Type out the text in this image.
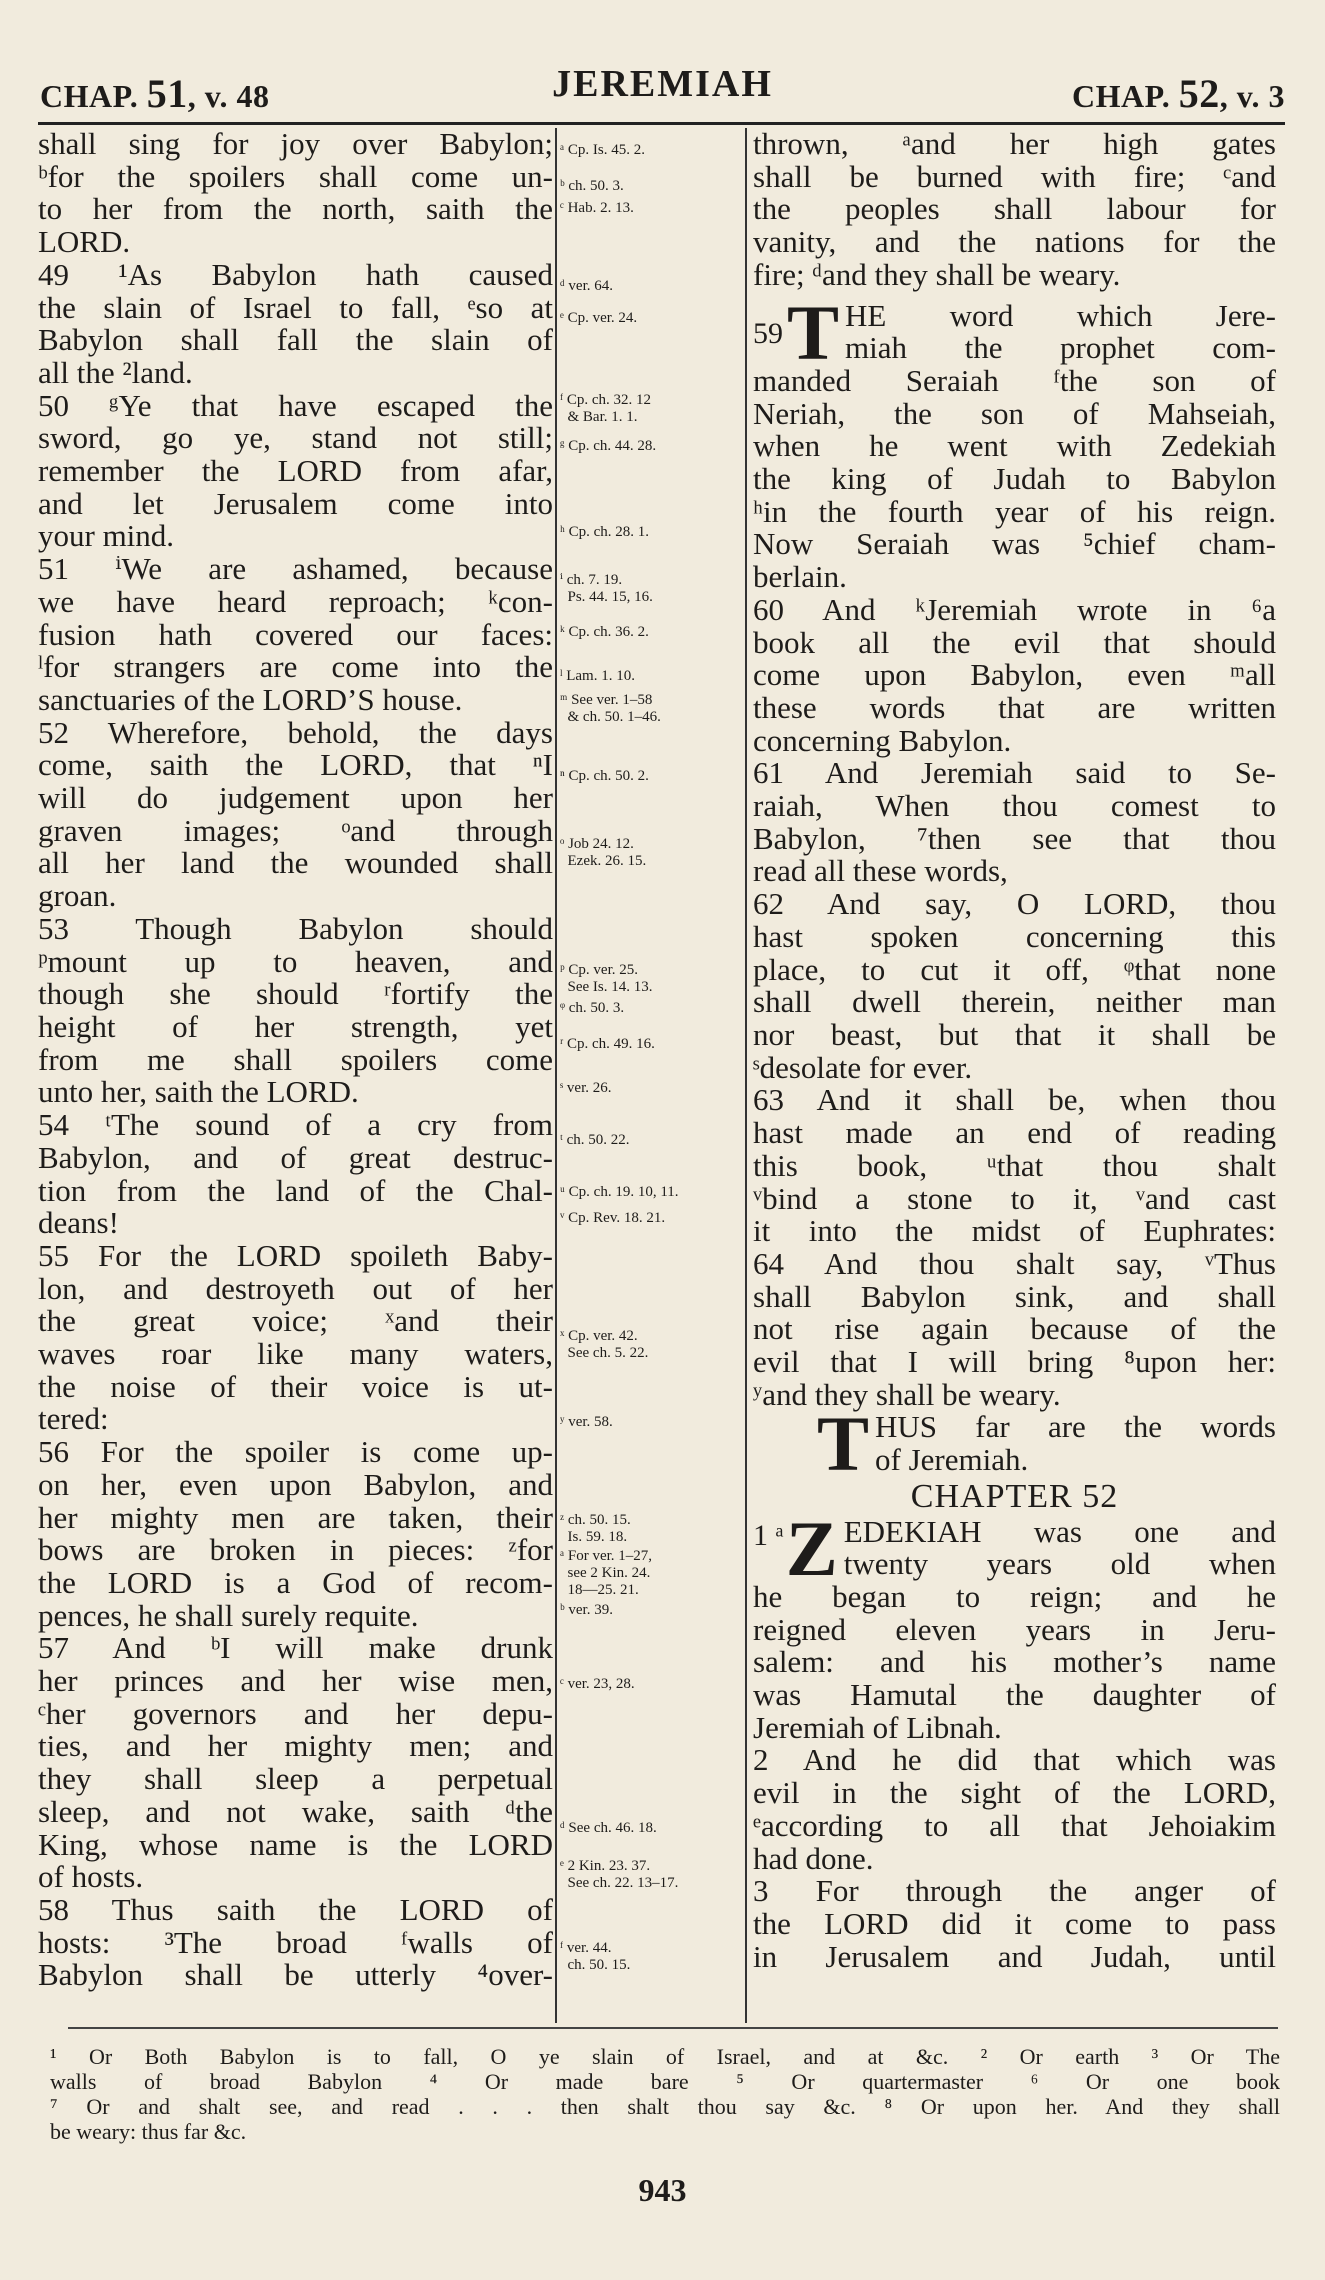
CHAP. 51, v. 48	JEREMIAH	CHAP. 52, v. 3

shall sing for joy over Babylon;
ᵇfor the spoilers shall come un-
to her from the north, saith the
LORD.
49 ¹As Babylon hath caused
the slain of Israel to fall, ᵉso at
Babylon shall fall the slain of
all the ²land.
50 ᵍYe that have escaped the
sword, go ye, stand not still;
remember the LORD from afar,
and let Jerusalem come into
your mind.
51 ⁱWe are ashamed, because
we have heard reproach; ᵏcon-
fusion hath covered our faces:
ˡfor strangers are come into the
sanctuaries of the LORD’S house.
52 Wherefore, behold, the days
come, saith the LORD, that ⁿI
will do judgement upon her
graven images; ᵒand through
all her land the wounded shall
groan.
53 Though Babylon should
ᵖmount up to heaven, and
though she should ʳfortify the
height of her strength, yet
from me shall spoilers come
unto her, saith the LORD.
54 ᵗThe sound of a cry from
Babylon, and of great destruc-
tion from the land of the Chal-
deans!
55 For the LORD spoileth Baby-
lon, and destroyeth out of her
the great voice; ˣand their
waves roar like many waters,
the noise of their voice is ut-
tered:
56 For the spoiler is come up-
on her, even upon Babylon, and
her mighty men are taken, their
bows are broken in pieces: ᶻfor
the LORD is a God of recom-
pences, he shall surely requite.
57 And ᵇI will make drunk
her princes and her wise men,
ᶜher governors and her depu-
ties, and her mighty men; and
they shall sleep a perpetual
sleep, and not wake, saith ᵈthe
King, whose name is the LORD
of hosts.
58 Thus saith the LORD of
hosts: ³The broad ᶠwalls of
Babylon shall be utterly ⁴over-

ᵃ Cp. Is. 45. 2.
ᵇ ch. 50. 3.
ᶜ Hab. 2. 13.
ᵈ ver. 64.
ᵉ Cp. ver. 24.
ᶠ Cp. ch. 32. 12
& Bar. 1. 1.
ᵍ Cp. ch. 44. 28.
ʰ Cp. ch. 28. 1.
ⁱ ch. 7. 19.
Ps. 44. 15, 16.
ᵏ Cp. ch. 36. 2.
ˡ Lam. 1. 10.
ᵐ See ver. 1–58
& ch. 50. 1–46.
ⁿ Cp. ch. 50. 2.
ᵒ Job 24. 12.
Ezek. 26. 15.
ᵖ Cp. ver. 25.
See Is. 14. 13.
ᵠ ch. 50. 3.
ʳ Cp. ch. 49. 16.
ˢ ver. 26.
ᵗ ch. 50. 22.
ᵘ Cp. ch. 19. 10, 11.
ᵛ Cp. Rev. 18. 21.
ˣ Cp. ver. 42.
See ch. 5. 22.
ʸ ver. 58.
ᶻ ch. 50. 15.
Is. 59. 18.
ᵃ For ver. 1–27,
see 2 Kin. 24.
18—25. 21.
ᵇ ver. 39.
ᶜ ver. 23, 28.
ᵈ See ch. 46. 18.
ᵉ 2 Kin. 23. 37.
See ch. 22. 13–17.
ᶠ ver. 44.
ch. 50. 15.
thrown, ᵃand her high gates
shall be burned with fire; ᶜand
the peoples shall labour for
vanity, and the nations for the
fire; ᵈand they shall be weary.
59 T HE word which Jere-
miah the prophet com-
manded Seraiah ᶠthe son of
Neriah, the son of Mahseiah,
when he went with Zedekiah
the king of Judah to Babylon
ʰin the fourth year of his reign.
Now Seraiah was ⁵chief cham-
berlain.
60 And ᵏJeremiah wrote in ⁶a
book all the evil that should
come upon Babylon, even ᵐall
these words that are written
concerning Babylon.
61 And Jeremiah said to Se-
raiah, When thou comest to
Babylon, ⁷then see that thou
read all these words,
62 And say, O LORD, thou
hast spoken concerning this
place, to cut it off, ᵠthat none
shall dwell therein, neither man
nor beast, but that it shall be
ˢdesolate for ever.
63 And it shall be, when thou
hast made an end of reading
this book, ᵘthat thou shalt
ᵛbind a stone to it, ᵛand cast
it into the midst of Euphrates:
64 And thou shalt say, ᵛThus
shall Babylon sink, and shall
not rise again because of the
evil that I will bring ⁸upon her:
ʸand they shall be weary.
T HUS far are the words
of Jeremiah.
CHAPTER 52
1 ᵃ Z EDEKIAH was one and
twenty years old when
he began to reign; and he
reigned eleven years in Jeru-
salem: and his mother’s name
was Hamutal the daughter of
Jeremiah of Libnah.
2 And he did that which was
evil in the sight of the LORD,
ᵉaccording to all that Jehoiakim
had done.
3 For through the anger of
the LORD did it come to pass
in Jerusalem and Judah, until
¹ Or Both Babylon is to fall, O ye slain of Israel, and at &c. ² Or earth ³ Or The
walls of broad Babylon ⁴ Or made bare ⁵ Or quartermaster ⁶ Or one book
⁷ Or and shalt see, and read . . . then shalt thou say &c. ⁸ Or upon her. And they shall
be weary: thus far &c.
943
